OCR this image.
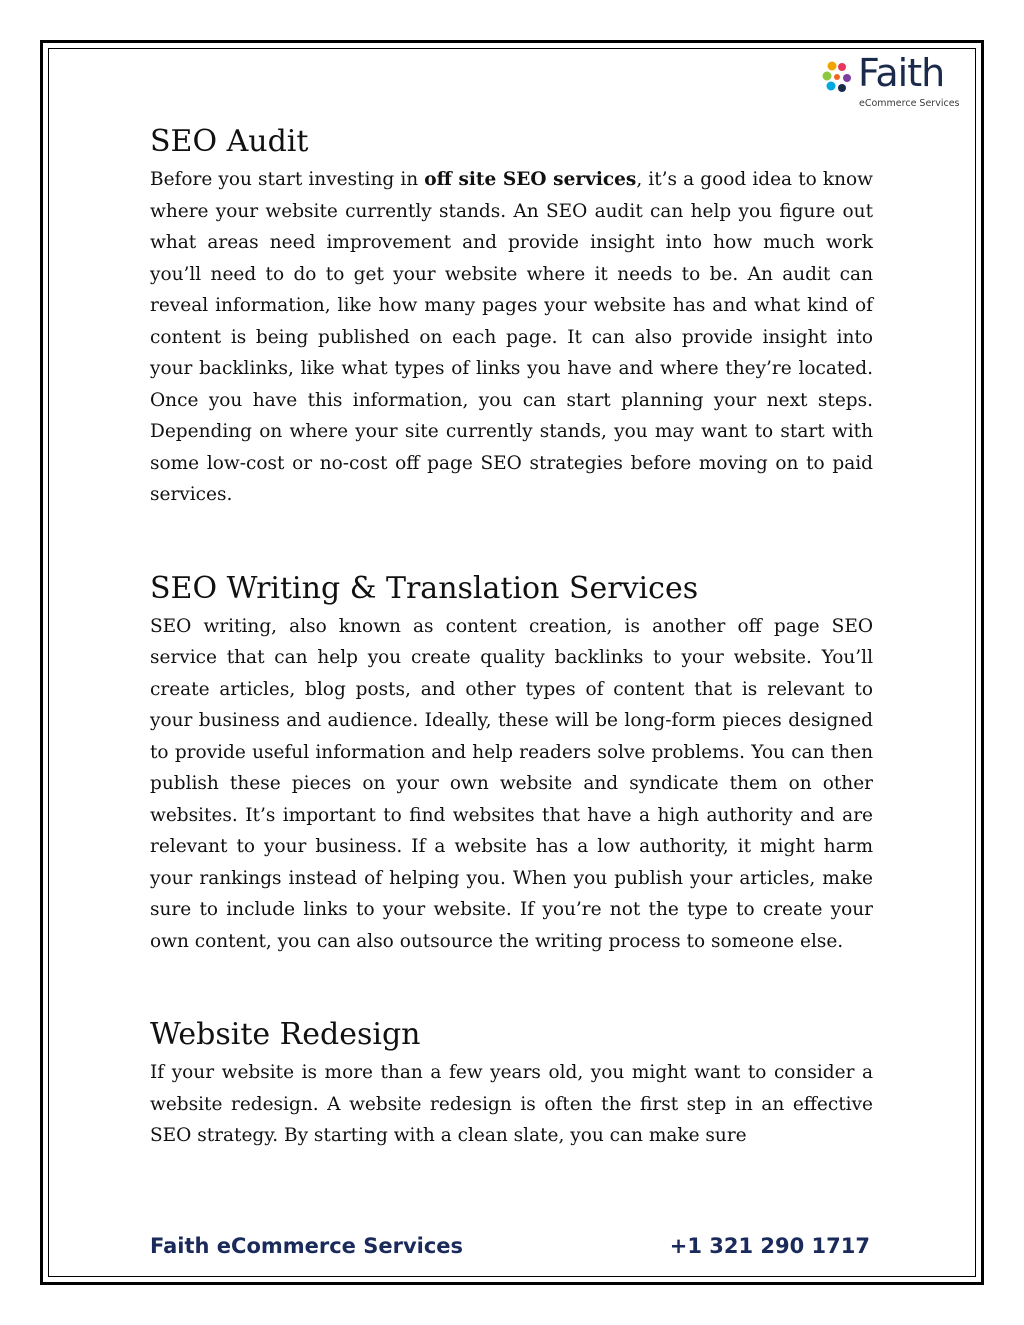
Faith
eCommerce Services
SEO Audit

Before you start investing in off site SEO services, it’s a good idea to know where your website currently stands. An SEO audit can help you figure out what areas need improvement and provide insight into how much work you’ll need to do to get your website where it needs to be. An audit can reveal information, like how many pages your website has and what kind of content is being published on each page. It can also provide insight into your backlinks, like what types of links you have and where they’re located. Once you have this information, you can start planning your next steps. Depending on where your site currently stands, you may want to start with some low-cost or no-cost off page SEO strategies before moving on to paid services.

SEO Writing & Translation Services

SEO writing, also known as content creation, is another off page SEO service that can help you create quality backlinks to your website. You’ll create articles, blog posts, and other types of content that is relevant to your business and audience. Ideally, these will be long-form pieces designed to provide useful information and help readers solve problems. You can then publish these pieces on your own website and syndicate them on other websites. It’s important to find websites that have a high authority and are relevant to your business. If a website has a low authority, it might harm your rankings instead of helping you. When you publish your articles, make sure to include links to your website. If you’re not the type to create your own content, you can also outsource the writing process to someone else.

Website Redesign

If your website is more than a few years old, you might want to consider a website redesign. A website redesign is often the first step in an effective SEO strategy. By starting with a clean slate, you can make sure

Faith eCommerce Services	+1 321 290 1717
